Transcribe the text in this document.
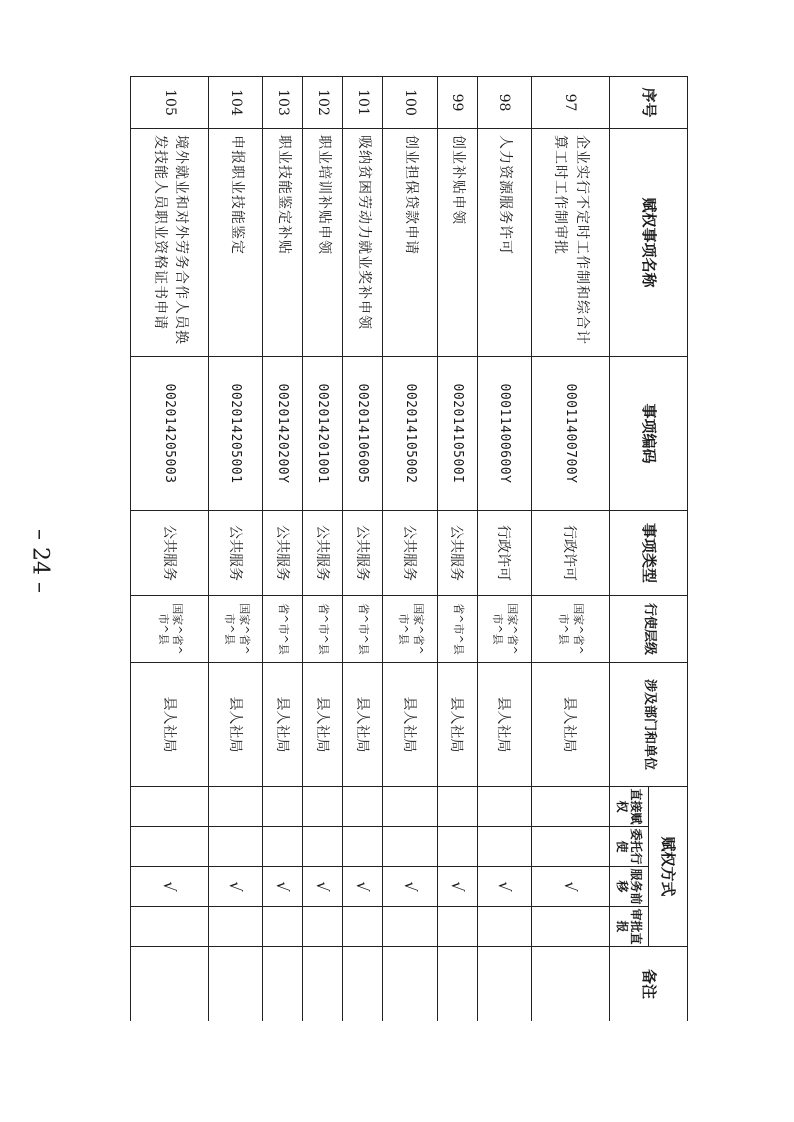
– 24 –
序号	赋权事项名称	事项编码	事项类型	行使层级	涉及部门和单位	赋权方式				备注
						直接赋权	委托行使	服务前移	审批直报	
97	企业实行不定时工作制和综合计算工时工作制审批	00011400700Y	行政许可	国家^省^市^县	县人社局			√		
98	人力资源服务许可	00011400600Y	行政许可	国家^省^市^县	县人社局			√		
99	创业补贴申领	00201410500I	公共服务	省^市^县	县人社局			√		
100	创业担保贷款申请	002014105002	公共服务	国家^省^市^县	县人社局			√		
101	吸纳贫困劳动力就业奖补申领	002014106005	公共服务	省^市^县	县人社局			√		
102	职业培训补贴申领	002014201001	公共服务	省^市^县	县人社局			√		
103	职业技能鉴定补贴	00201420200Y	公共服务	省^市^县	县人社局			√		
104	申报职业技能鉴定	002014205001	公共服务	国家^省^市^县	县人社局			√		
105	境外就业和对外劳务合作人员换发技能人员职业资格证书申请	002014205003	公共服务	国家^省^市^县	县人社局			√		
